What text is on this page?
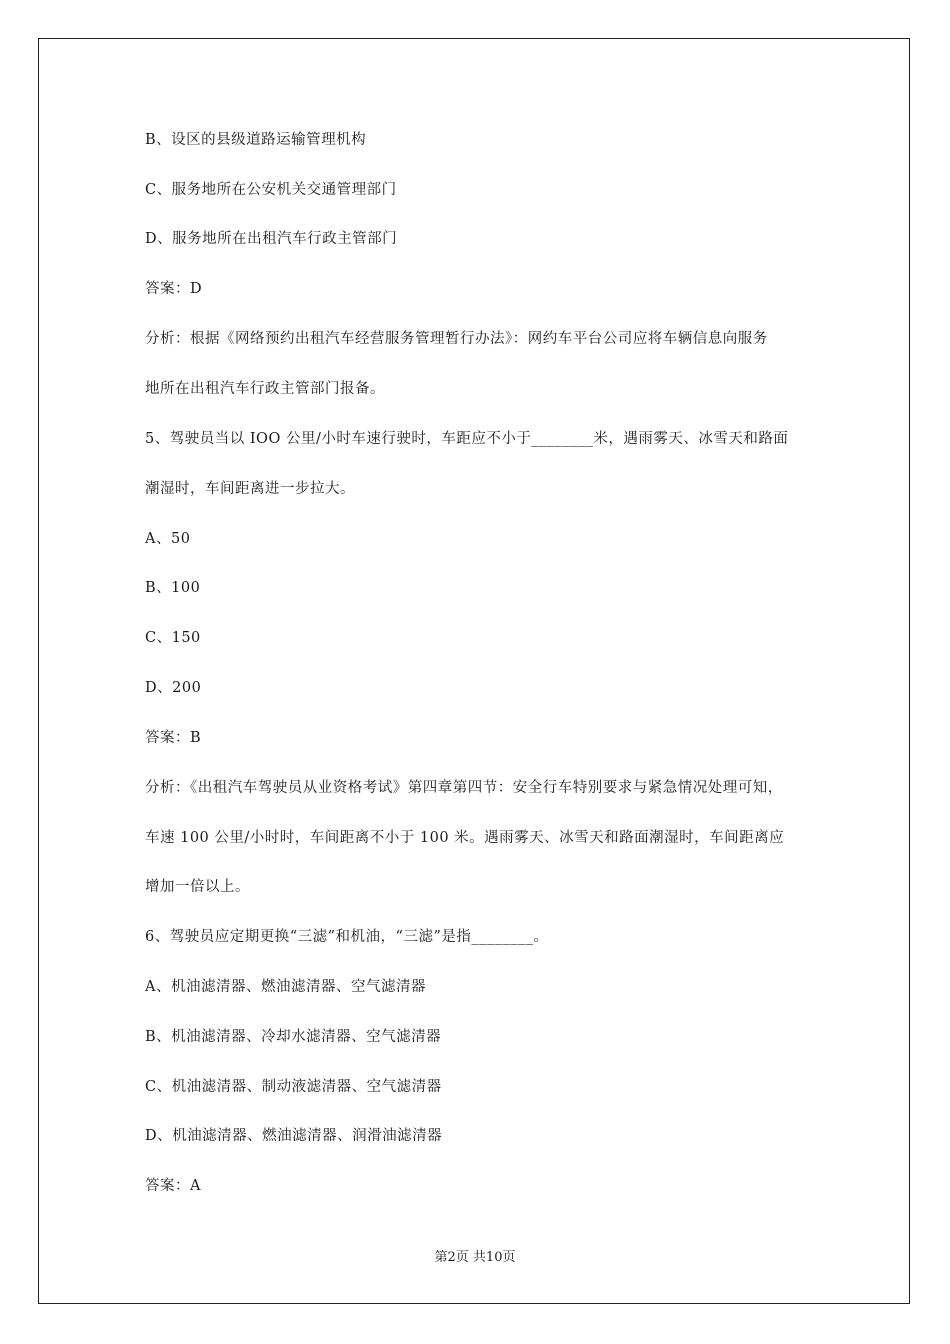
B、设区的县级道路运输管理机构
C、服务地所在公安机关交通管理部门
D、服务地所在出租汽车行政主管部门
答案：D
分析：根据《网络预约出租汽车经营服务管理暂行办法》：网约车平台公司应将车辆信息向服务
地所在出租汽车行政主管部门报备。
5、驾驶员当以 IOO 公里/小时车速行驶时，车距应不小于________米，遇雨雾天、冰雪天和路面
潮湿时，车间距离进一步拉大。
A、50
B、100
C、150
D、200
答案：B
分析：《出租汽车驾驶员从业资格考试》第四章第四节：安全行车特别要求与紧急情况处理可知，
车速 100 公里/小时时，车间距离不小于 100 米。遇雨雾天、冰雪天和路面潮湿时，车间距离应
增加一倍以上。
6、驾驶员应定期更换“三滤”和机油，“三滤”是指________。
A、机油滤清器、燃油滤清器、空气滤清器
B、机油滤清器、冷却水滤清器、空气滤清器
C、机油滤清器、制动液滤清器、空气滤清器
D、机油滤清器、燃油滤清器、润滑油滤清器
答案：A
第2页 共10页
